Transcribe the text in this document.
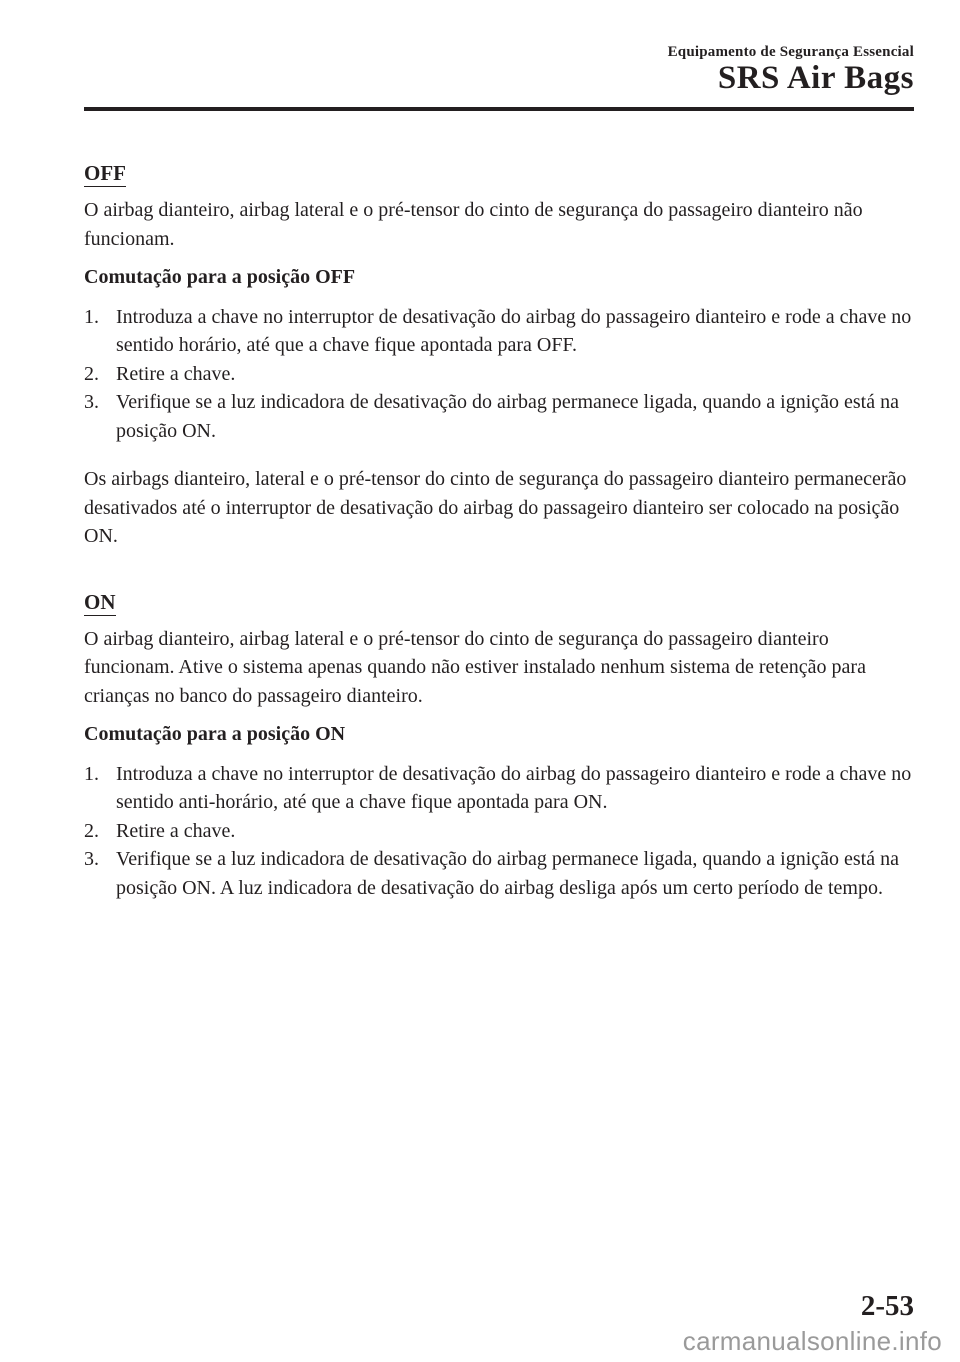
Equipamento de Segurança Essencial
SRS Air Bags
OFF

O airbag dianteiro, airbag lateral e o pré-tensor do cinto de segurança do passageiro dianteiro não funcionam.

Comutação para a posição OFF

1. Introduza a chave no interruptor de desativação do airbag do passageiro dianteiro e rode a chave no sentido horário, até que a chave fique apontada para OFF.
2. Retire a chave.
3. Verifique se a luz indicadora de desativação do airbag permanece ligada, quando a ignição está na posição ON.

Os airbags dianteiro, lateral e o pré-tensor do cinto de segurança do passageiro dianteiro permanecerão desativados até o interruptor de desativação do airbag do passageiro dianteiro ser colocado na posição ON.

ON

O airbag dianteiro, airbag lateral e o pré-tensor do cinto de segurança do passageiro dianteiro funcionam. Ative o sistema apenas quando não estiver instalado nenhum sistema de retenção para crianças no banco do passageiro dianteiro.

Comutação para a posição ON

1. Introduza a chave no interruptor de desativação do airbag do passageiro dianteiro e rode a chave no sentido anti-horário, até que a chave fique apontada para ON.
2. Retire a chave.
3. Verifique se a luz indicadora de desativação do airbag permanece ligada, quando a ignição está na posição ON. A luz indicadora de desativação do airbag desliga após um certo período de tempo.
2-53
carmanualsonline.info
